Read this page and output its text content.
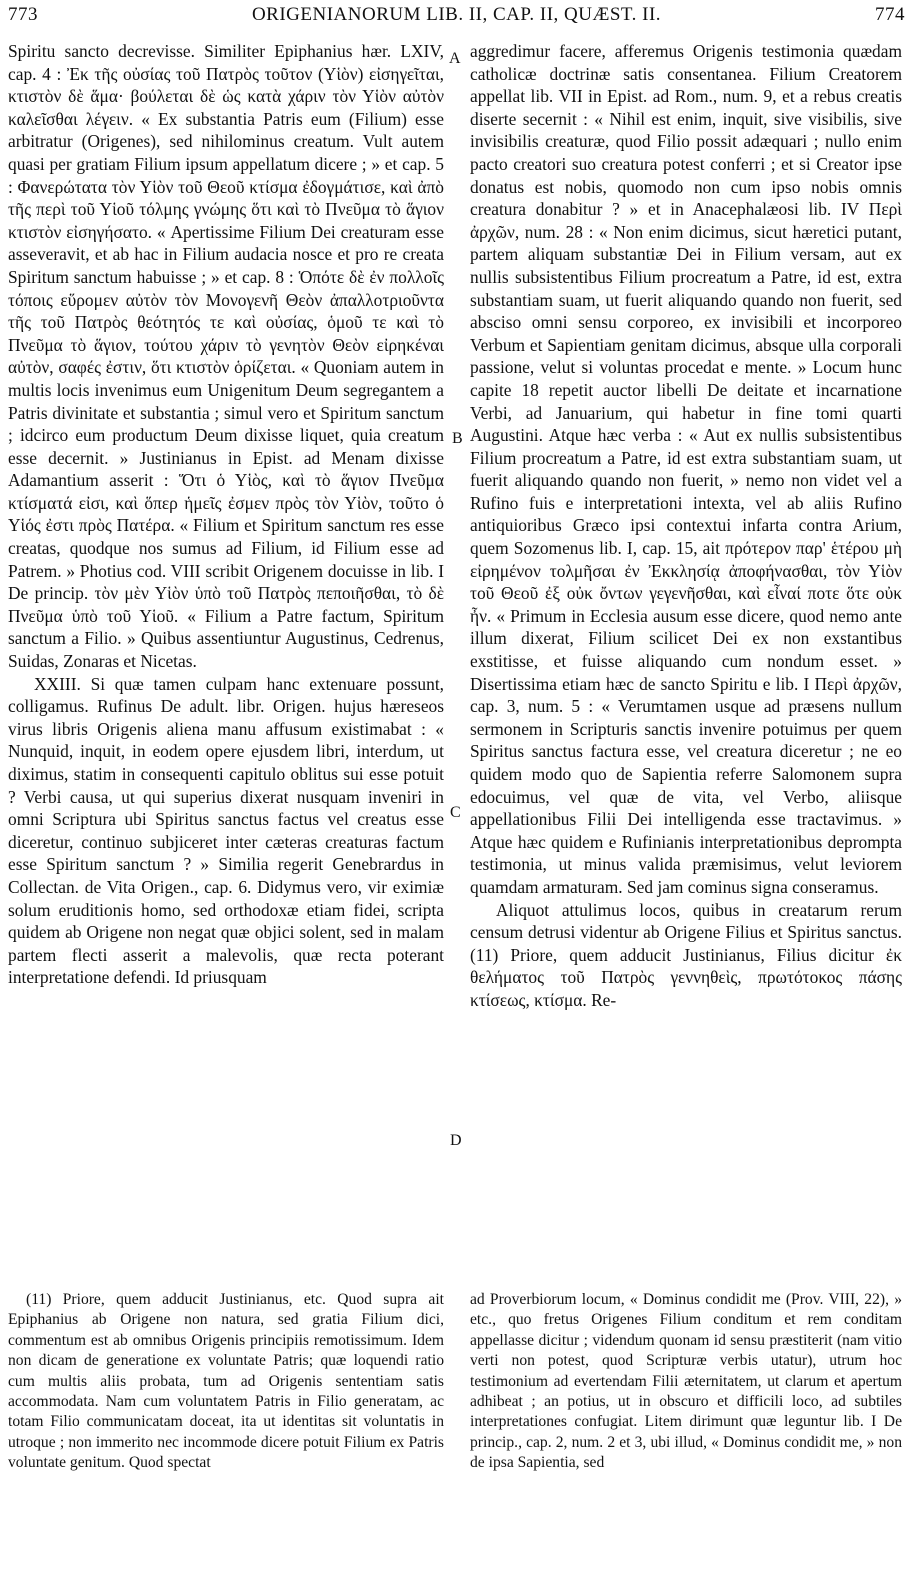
773	ORIGENIANORUM LIB. II, CAP. II, QUÆST. II.	774

Spiritu sancto decrevisse. Similiter Epiphanius hær. LXIV, cap. 4 : Ἐκ τῆς οὐσίας τοῦ Πατρὸς τοῦτον (Υἱὸν) εἰσηγεῖται, κτιστὸν δὲ ἅμα· βούλεται δὲ ὡς κατὰ χάριν τὸν Υἱὸν αὐτὸν καλεῖσθαι λέγειν. « Ex substantia Patris eum (Filium) esse arbitratur (Origenes), sed nihilominus creatum. Vult autem quasi per gratiam Filium ipsum appellatum dicere ; » et cap. 5 : Φανερώτατα τὸν Υἱὸν τοῦ Θεοῦ κτίσμα ἐδογμάτισε, καὶ ἀπὸ τῆς περὶ τοῦ Υἱοῦ τόλμης γνώμης ὅτι καὶ τὸ Πνεῦμα τὸ ἅγιον κτιστὸν εἰσηγήσατο. « Apertissime Filium Dei creaturam esse asseveravit, et ab hac in Filium audacia nosce et pro re creata Spiritum sanctum habuisse ; » et cap. 8 : Ὁπότε δὲ ἐν πολλοῖς τόποις εὕρομεν αὐτὸν τὸν Μονογενῆ Θεὸν ἀπαλλοτριοῦντα τῆς τοῦ Πατρὸς θεότητός τε καὶ οὐσίας, ὁμοῦ τε καὶ τὸ Πνεῦμα τὸ ἅγιον, τούτου χάριν τὸ γενητὸν Θεὸν εἰρηκέναι αὐτὸν, σαφές ἐστιν, ὅτι κτιστὸν ὁρίζεται. « Quoniam autem in multis locis invenimus eum Unigenitum Deum segregantem a Patris divinitate et substantia ; simul vero et Spiritum sanctum ; idcirco eum productum Deum dixisse liquet, quia creatum esse decernit. » Justinianus in Epist. ad Menam dixisse Adamantium asserit : Ὅτι ὁ Υἱὸς, καὶ τὸ ἅγιον Πνεῦμα κτίσματά εἰσι, καὶ ὅπερ ἡμεῖς ἐσμεν πρὸς τὸν Υἱὸν, τοῦτο ὁ Υἱός ἐστι πρὸς Πατέρα. « Filium et Spiritum sanctum res esse creatas, quodque nos sumus ad Filium, id Filium esse ad Patrem. » Photius cod. VIII scribit Origenem docuisse in lib. I De princip. τὸν μὲν Υἱὸν ὑπὸ τοῦ Πατρὸς πεποιῆσθαι, τὸ δὲ Πνεῦμα ὑπὸ τοῦ Υἱοῦ. « Filium a Patre factum, Spiritum sanctum a Filio. » Quibus assentiuntur Augustinus, Cedrenus, Suidas, Zonaras et Nicetas.

XXIII. Si quæ tamen culpam hanc extenuare possunt, colligamus. Rufinus De adult. libr. Origen. hujus hæreseos virus libris Origenis aliena manu affusum existimabat : « Nunquid, inquit, in eodem opere ejusdem libri, interdum, ut diximus, statim in consequenti capitulo oblitus sui esse potuit ? Verbi causa, ut qui superius dixerat nusquam inveniri in omni Scriptura ubi Spiritus sanctus factus vel creatus esse diceretur, continuo subjiceret inter cæteras creaturas factum esse Spiritum sanctum ? » Similia regerit Genebrardus in Collectan. de Vita Origen., cap. 6. Didymus vero, vir eximiæ solum eruditionis homo, sed orthodoxæ etiam fidei, scripta quidem ab Origene non negat quæ objici solent, sed in malam partem flecti asserit a malevolis, quæ recta poterant interpretatione defendi. Id priusquam

A
B
C
D

aggredimur facere, afferemus Origenis testimonia quædam catholicæ doctrinæ satis consentanea. Filium Creatorem appellat lib. VII in Epist. ad Rom., num. 9, et a rebus creatis diserte secernit : « Nihil est enim, inquit, sive visibilis, sive invisibilis creaturæ, quod Filio possit adæquari ; nullo enim pacto creatori suo creatura potest conferri ; et si Creator ipse donatus est nobis, quomodo non cum ipso nobis omnis creatura donabitur ? » et in Anacephalæosi lib. IV Περὶ ἀρχῶν, num. 28 : « Non enim dicimus, sicut hæretici putant, partem aliquam substantiæ Dei in Filium versam, aut ex nullis subsistentibus Filium procreatum a Patre, id est, extra substantiam suam, ut fuerit aliquando quando non fuerit, sed absciso omni sensu corporeo, ex invisibili et incorporeo Verbum et Sapientiam genitam dicimus, absque ulla corporali passione, velut si voluntas procedat e mente. » Locum hunc capite 18 repetit auctor libelli De deitate et incarnatione Verbi, ad Januarium, qui habetur in fine tomi quarti Augustini. Atque hæc verba : « Aut ex nullis subsistentibus Filium procreatum a Patre, id est extra substantiam suam, ut fuerit aliquando quando non fuerit, » nemo non videt vel a Rufino fuis e interpretationi intexta, vel ab aliis Rufino antiquioribus Græco ipsi contextui infarta contra Arium, quem Sozomenus lib. I, cap. 15, ait πρότερον παρ' ἑτέρου μὴ εἰρημένον τολμῆσαι ἐν Ἐκκλησίᾳ ἀποφήνασθαι, τὸν Υἱὸν τοῦ Θεοῦ ἐξ οὐκ ὄντων γεγενῆσθαι, καὶ εἶναί ποτε ὅτε οὐκ ἦν. « Primum in Ecclesia ausum esse dicere, quod nemo ante illum dixerat, Filium scilicet Dei ex non exstantibus exstitisse, et fuisse aliquando cum nondum esset. » Disertissima etiam hæc de sancto Spiritu e lib. I Περὶ ἀρχῶν, cap. 3, num. 5 : « Verumtamen usque ad præsens nullum sermonem in Scripturis sanctis invenire potuimus per quem Spiritus sanctus factura esse, vel creatura diceretur ; ne eo quidem modo quo de Sapientia referre Salomonem supra edocuimus, vel quæ de vita, vel Verbo, aliisque appellationibus Filii Dei intelligenda esse tractavimus. » Atque hæc quidem e Rufinianis interpretationibus deprompta testimonia, ut minus valida præmisimus, velut leviorem quamdam armaturam. Sed jam cominus signa conseramus.

Aliquot attulimus locos, quibus in creatarum rerum censum detrusi videntur ab Origene Filius et Spiritus sanctus. (11) Priore, quem adducit Justinianus, Filius dicitur ἐκ θελήματος τοῦ Πατρὸς γεννηθεὶς, πρωτότοκος πάσης κτίσεως, κτίσμα. Re-

(11) Priore, quem adducit Justinianus, etc. Quod supra ait Epiphanius ab Origene non natura, sed gratia Filium dici, commentum est ab omnibus Origenis principiis remotissimum. Idem non dicam de generatione ex voluntate Patris; quæ loquendi ratio cum multis aliis probata, tum ad Origenis sententiam satis accommodata. Nam cum voluntatem Patris in Filio generatam, ac totam Filio communicatam doceat, ita ut identitas sit voluntatis in utroque ; non immerito nec incommode dicere potuit Filium ex Patris voluntate genitum. Quod spectat

ad Proverbiorum locum, « Dominus condidit me (Prov. VIII, 22), » etc., quo fretus Origenes Filium conditum et rem conditam appellasse dicitur ; videndum quonam id sensu præstiterit (nam vitio verti non potest, quod Scripturæ verbis utatur), utrum hoc testimonium ad evertendam Filii æternitatem, ut clarum et apertum adhibeat ; an potius, ut in obscuro et difficili loco, ad subtiles interpretationes confugiat. Litem dirimunt quæ leguntur lib. I De princip., cap. 2, num. 2 et 3, ubi illud, « Dominus condidit me, » non de ipsa Sapientia, sed
